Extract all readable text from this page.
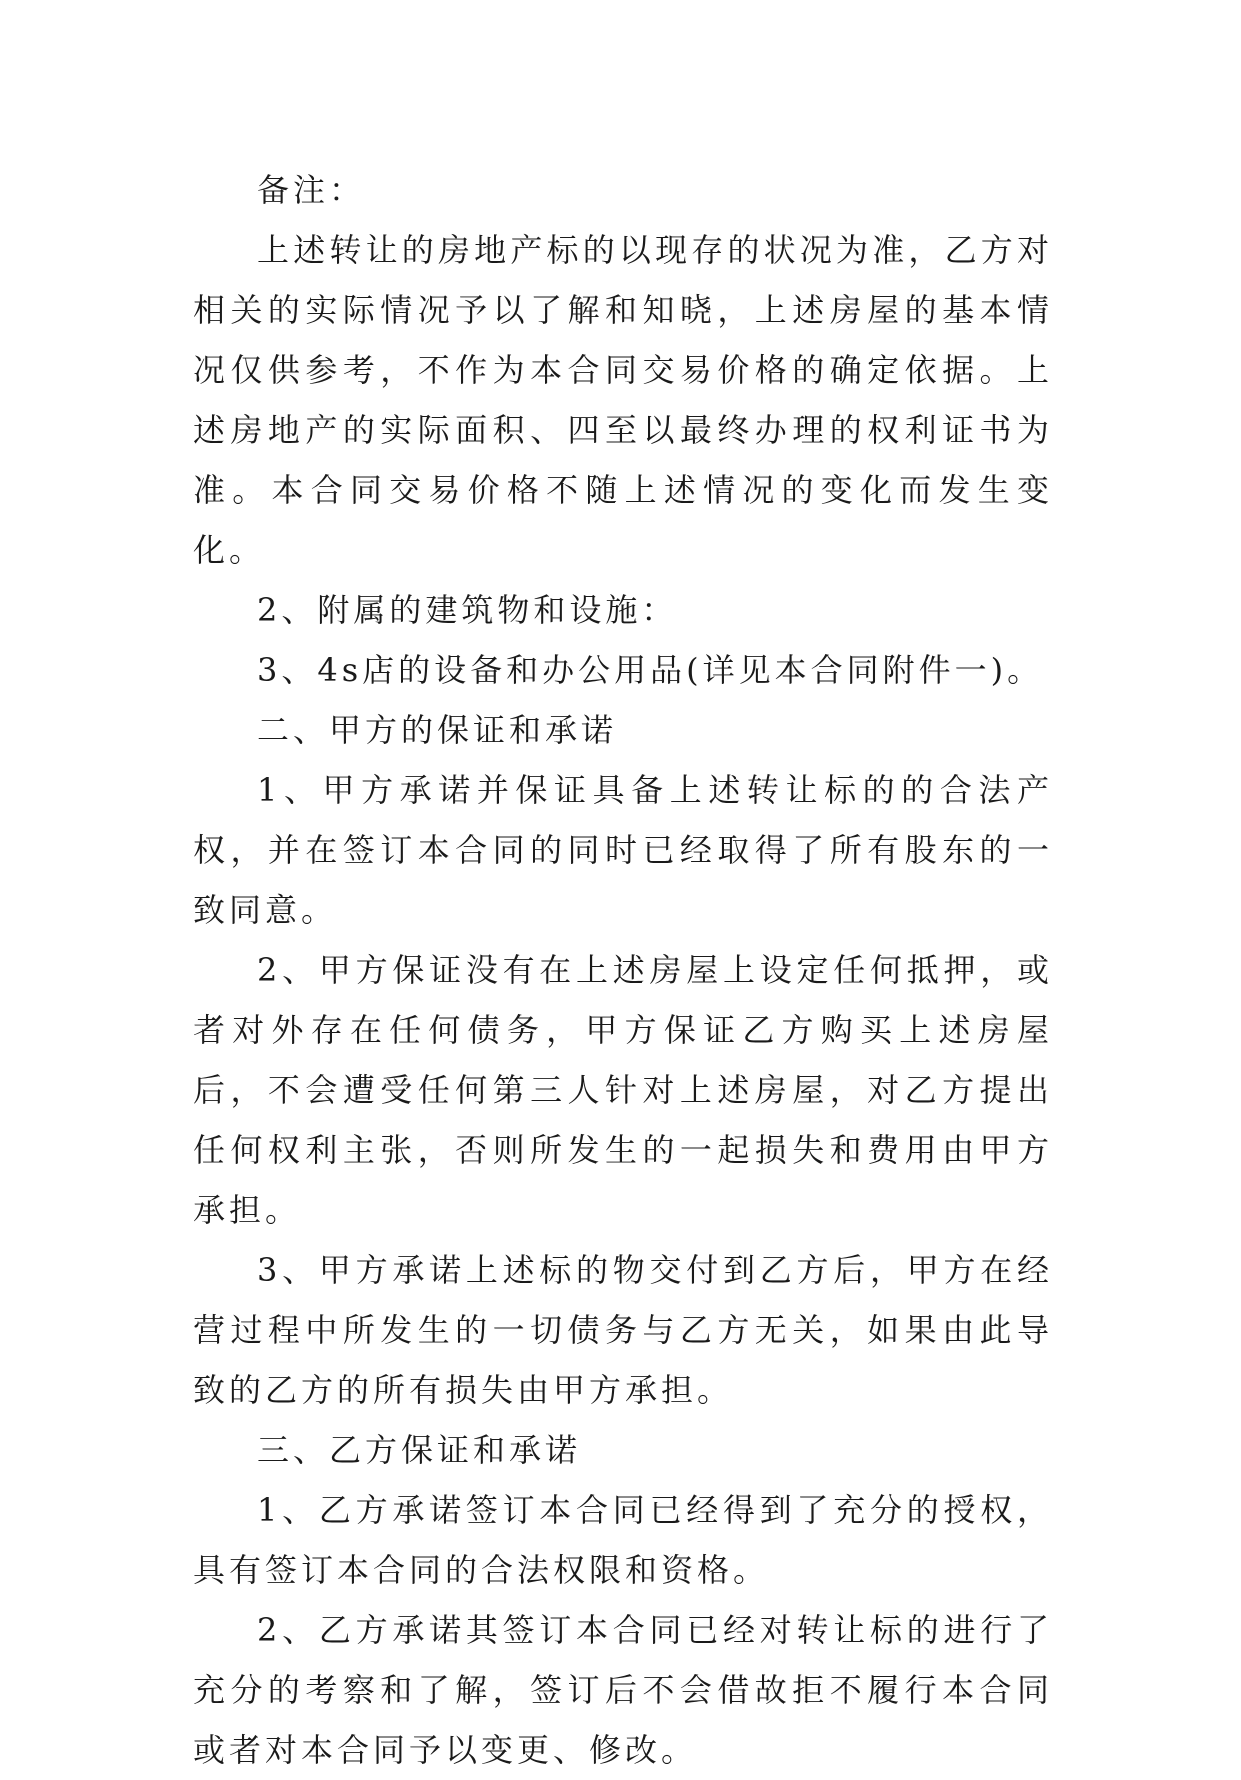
备注：

上述转让的房地产标的以现存的状况为准，乙方对相关的实际情况予以了解和知晓，上述房屋的基本情况仅供参考，不作为本合同交易价格的确定依据。上述房地产的实际面积、四至以最终办理的权利证书为准。本合同交易价格不随上述情况的变化而发生变化。

2、附属的建筑物和设施：

3、4s店的设备和办公用品(详见本合同附件一)。

二、甲方的保证和承诺

1、甲方承诺并保证具备上述转让标的的合法产权，并在签订本合同的同时已经取得了所有股东的一致同意。

2、甲方保证没有在上述房屋上设定任何抵押，或者对外存在任何债务，甲方保证乙方购买上述房屋后，不会遭受任何第三人针对上述房屋，对乙方提出任何权利主张，否则所发生的一起损失和费用由甲方承担。

3、甲方承诺上述标的物交付到乙方后，甲方在经营过程中所发生的一切债务与乙方无关，如果由此导致的乙方的所有损失由甲方承担。

三、乙方保证和承诺

1、乙方承诺签订本合同已经得到了充分的授权，具有签订本合同的合法权限和资格。

2、乙方承诺其签订本合同已经对转让标的进行了充分的考察和了解，签订后不会借故拒不履行本合同或者对本合同予以变更、修改。
